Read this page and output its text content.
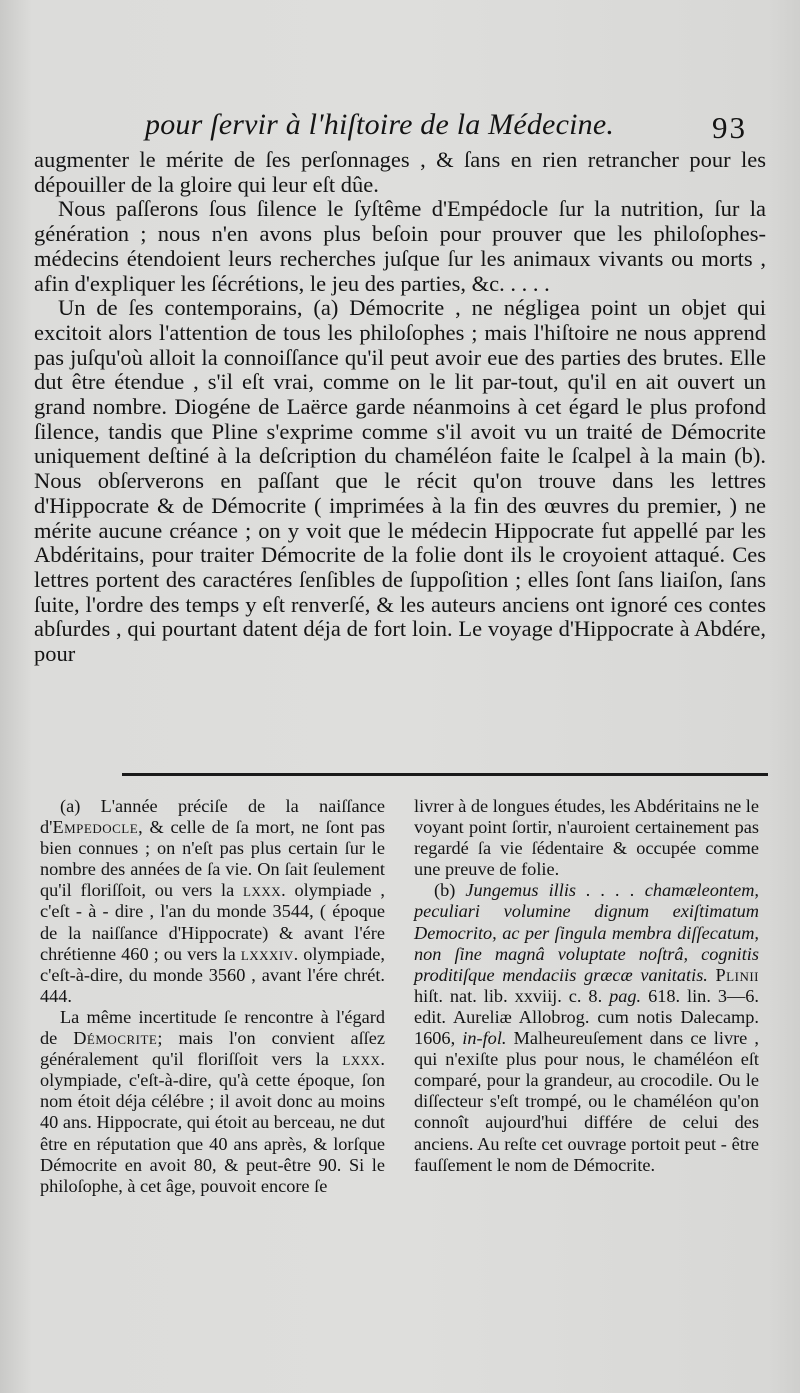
pour ſervir à l'hiſtoire de la Médecine.	93

augmenter le mérite de ſes perſonnages , & ſans en rien retrancher pour les dépouiller de la gloire qui leur eſt dûe.

Nous paſſerons ſous ſilence le ſyſtême d'Empédocle ſur la nutrition, ſur la génération ; nous n'en avons plus beſoin pour prouver que les philoſophes-médecins étendoient leurs recherches juſque ſur les animaux vivants ou morts , afin d'expliquer les ſécrétions, le jeu des parties, &c. . . . .

Un de ſes contemporains, (a) Démocrite , ne négligea point un objet qui excitoit alors l'attention de tous les philoſophes ; mais l'hiſtoire ne nous apprend pas juſqu'où alloit la connoiſſance qu'il peut avoir eue des parties des brutes. Elle dut être étendue , s'il eſt vrai, comme on le lit par-tout, qu'il en ait ouvert un grand nombre. Diogéne de Laërce garde néanmoins à cet égard le plus profond ſilence, tandis que Pline s'exprime comme s'il avoit vu un traité de Démocrite uniquement deſtiné à la deſcription du chaméléon faite le ſcalpel à la main (b). Nous obſerverons en paſſant que le récit qu'on trouve dans les lettres d'Hippocrate & de Démocrite ( imprimées à la fin des œuvres du premier, ) ne mérite aucune créance ; on y voit que le médecin Hippocrate fut appellé par les Abdéritains, pour traiter Démocrite de la folie dont ils le croyoient attaqué. Ces lettres portent des caractéres ſenſibles de ſuppoſition ; elles ſont ſans liaiſon, ſans ſuite, l'ordre des temps y eſt renverſé, & les auteurs anciens ont ignoré ces contes abſurdes , qui pourtant datent déja de fort loin. Le voyage d'Hippocrate à Abdére, pour

(a) L'année préciſe de la naiſſance d'Empedocle, & celle de ſa mort, ne ſont pas bien connues ; on n'eſt pas plus certain ſur le nombre des années de ſa vie. On ſait ſeulement qu'il floriſſoit, ou vers la lxxx. olympiade , c'eſt - à - dire , l'an du monde 3544, ( époque de la naiſſance d'Hippocrate) & avant l'ére chrétienne 460 ; ou vers la lxxxiv. olympiade, c'eſt-à-dire, du monde 3560 , avant l'ére chrét. 444.

La même incertitude ſe rencontre à l'égard de Démocrite; mais l'on convient aſſez généralement qu'il floriſſoit vers la lxxx. olympiade, c'eſt-à-dire, qu'à cette époque, ſon nom étoit déja célébre ; il avoit donc au moins 40 ans. Hippocrate, qui étoit au berceau, ne dut être en réputation que 40 ans après, & lorſque Démocrite en avoit 80, & peut-être 90. Si le philoſophe, à cet âge, pouvoit encore ſe

livrer à de longues études, les Abdéritains ne le voyant point ſortir, n'auroient certainement pas regardé ſa vie ſédentaire & occupée comme une preuve de folie.

(b) Jungemus illis . . . . chamæleontem, peculiari volumine dignum exiſtimatum Democrito, ac per ſingula membra diſſecatum, non ſine magnâ voluptate noſtrâ, cognitis proditiſque mendaciis græcæ vanitatis. Plinii hiſt. nat. lib. xxviij. c. 8. pag. 618. lin. 3—6. edit. Aureliæ Allobrog. cum notis Dalecamp. 1606, in-fol. Malheureuſement dans ce livre , qui n'exiſte plus pour nous, le chaméléon eſt comparé, pour la grandeur, au crocodile. Ou le diſſecteur s'eſt trompé, ou le chaméléon qu'on connoît aujourd'hui différe de celui des anciens. Au reſte cet ouvrage portoit peut - être fauſſement le nom de Démocrite.
